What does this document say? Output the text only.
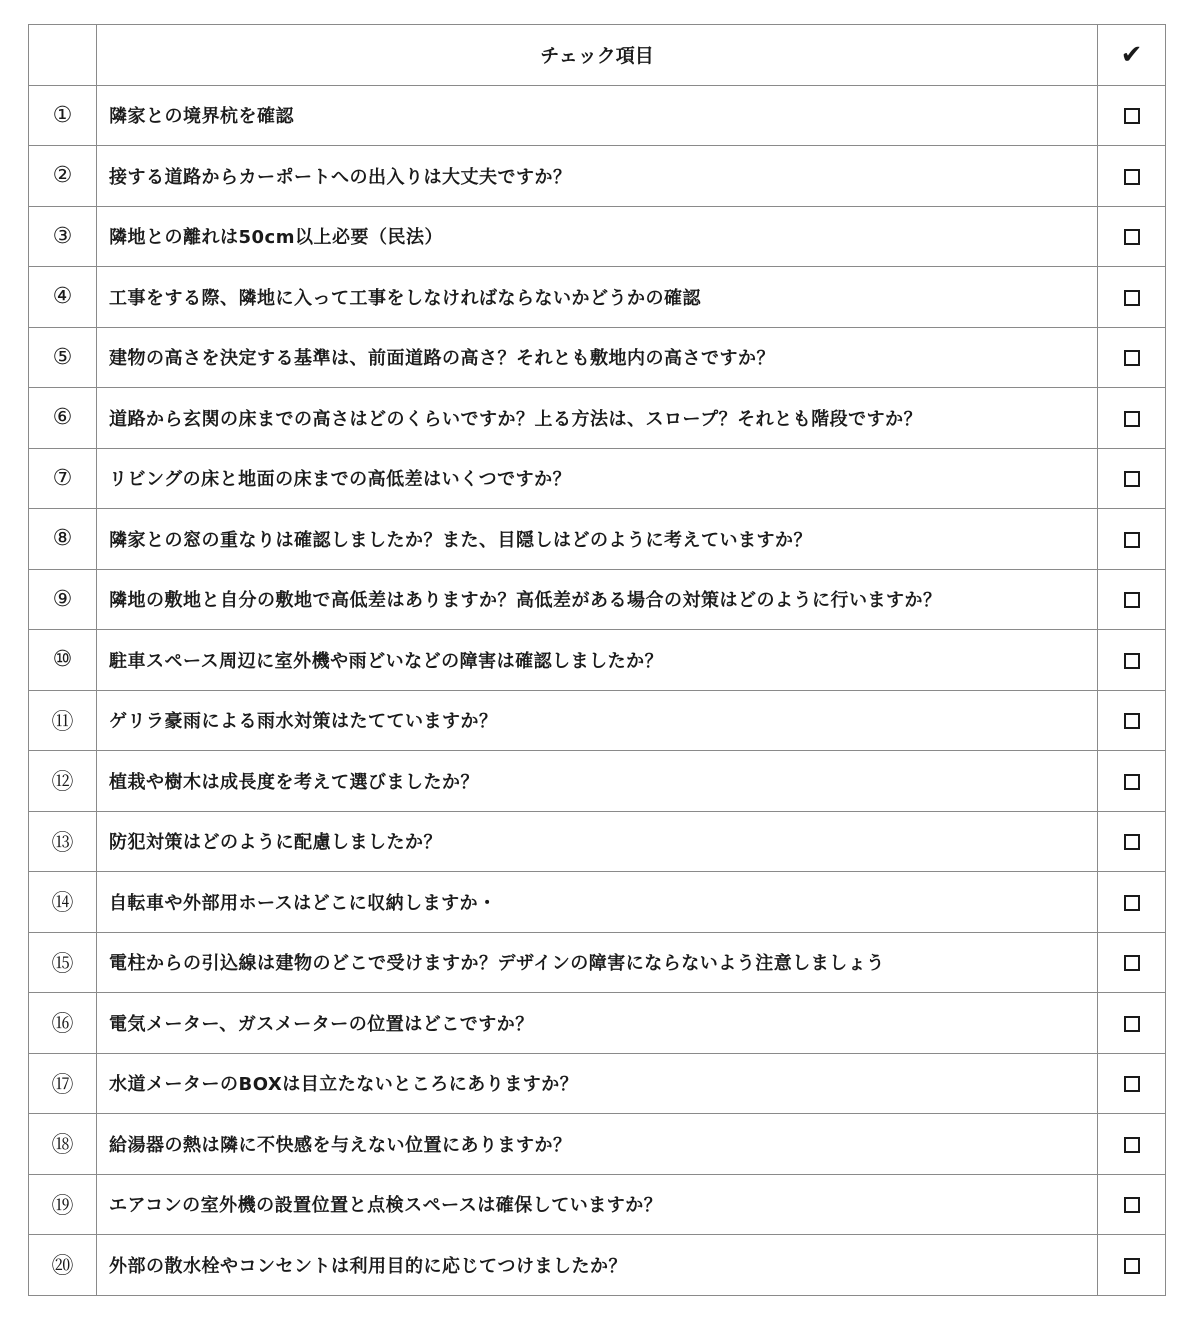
	チェック項目	✔
①	隣家との境界杭を確認	
②	接する道路からカーポートへの出入りは大丈夫ですか？	
③	隣地との離れは50cm以上必要（民法）	
④	工事をする際、隣地に入って工事をしなければならないかどうかの確認	
⑤	建物の高さを決定する基準は、前面道路の高さ？それとも敷地内の高さですか？	
⑥	道路から玄関の床までの高さはどのくらいですか？上る方法は、スロープ？それとも階段ですか？	
⑦	リビングの床と地面の床までの高低差はいくつですか？	
⑧	隣家との窓の重なりは確認しましたか？また、目隠しはどのように考えていますか？	
⑨	隣地の敷地と自分の敷地で高低差はありますか？高低差がある場合の対策はどのように行いますか？	
⑩	駐車スペース周辺に室外機や雨どいなどの障害は確認しましたか？	
⑪	ゲリラ豪雨による雨水対策はたてていますか？	
⑫	植栽や樹木は成長度を考えて選びましたか？	
⑬	防犯対策はどのように配慮しましたか？	
⑭	自転車や外部用ホースはどこに収納しますか・	
⑮	電柱からの引込線は建物のどこで受けますか？デザインの障害にならないよう注意しましょう	
⑯	電気メーター、ガスメーターの位置はどこですか？	
⑰	水道メーターのBOXは目立たないところにありますか？	
⑱	給湯器の熱は隣に不快感を与えない位置にありますか？	
⑲	エアコンの室外機の設置位置と点検スペースは確保していますか？	
⑳	外部の散水栓やコンセントは利用目的に応じてつけましたか？	
